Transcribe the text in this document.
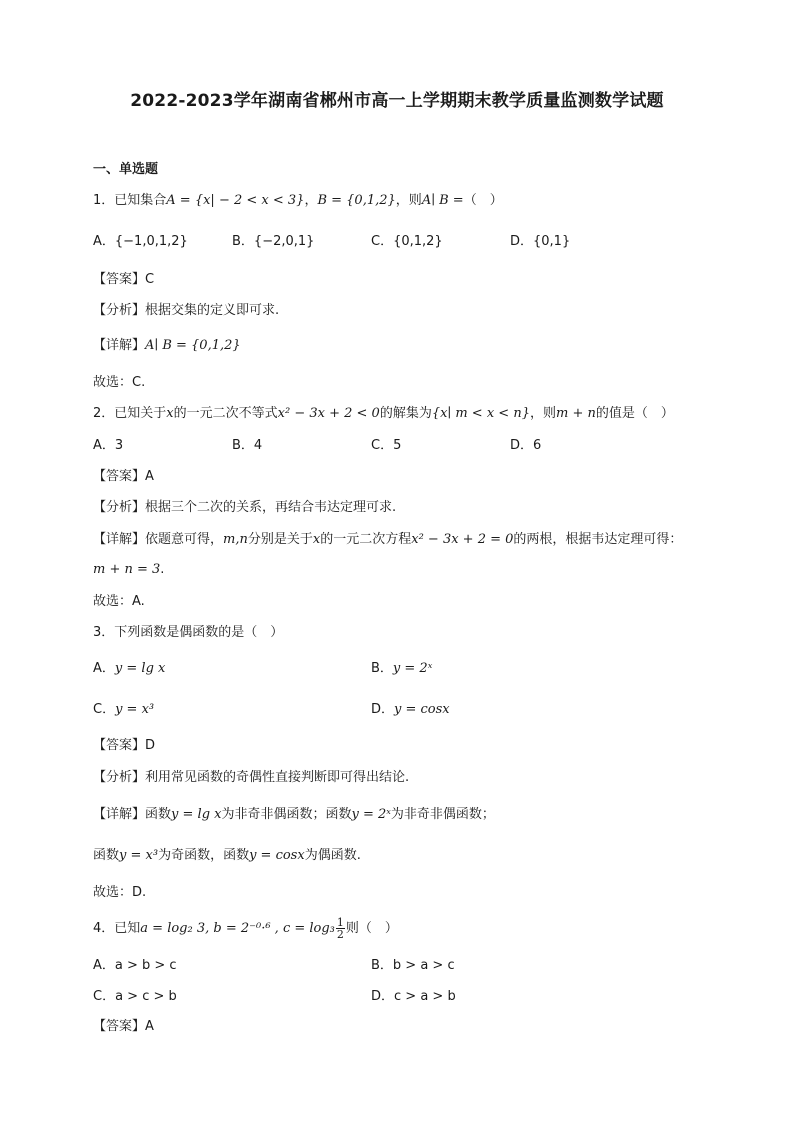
2022-2023学年湖南省郴州市高一上学期期末教学质量监测数学试题
一、单选题
1．已知集合A = {x| − 2 < x < 3}，B = {0,1,2}，则A∣ B =（　）
A．{−1,0,1,2}	B．{−2,0,1}	C．{0,1,2}	D．{0,1}
【答案】C
【分析】根据交集的定义即可求.
【详解】A∣ B = {0,1,2}
故选：C.
2．已知关于x的一元二次不等式x² − 3x + 2 < 0的解集为{x∣ m < x < n}，则m + n的值是（　）
A．3	B．4	C．5	D．6
【答案】A
【分析】根据三个二次的关系，再结合韦达定理可求.
【详解】依题意可得，m,n分别是关于x的一元二次方程x² − 3x + 2 = 0的两根，根据韦达定理可得：
m + n = 3.
故选：A.
3．下列函数是偶函数的是（　）
A．y = lg x	B．y = 2ˣ
C．y = x³	D．y = cosx
【答案】D
【分析】利用常见函数的奇偶性直接判断即可得出结论.
【详解】函数y = lg x为非奇非偶函数；函数y = 2ˣ为非奇非偶函数；
函数y = x³为奇函数，函数y = cosx为偶函数.
故选：D.
4．已知a = log₂ 3, b = 2⁻⁰·⁶ , $c = \log_3 \frac{1}{2}$ 则（　）
A．a > b > c	B．b > a > c
C．a > c > b	D．c > a > b
【答案】A
